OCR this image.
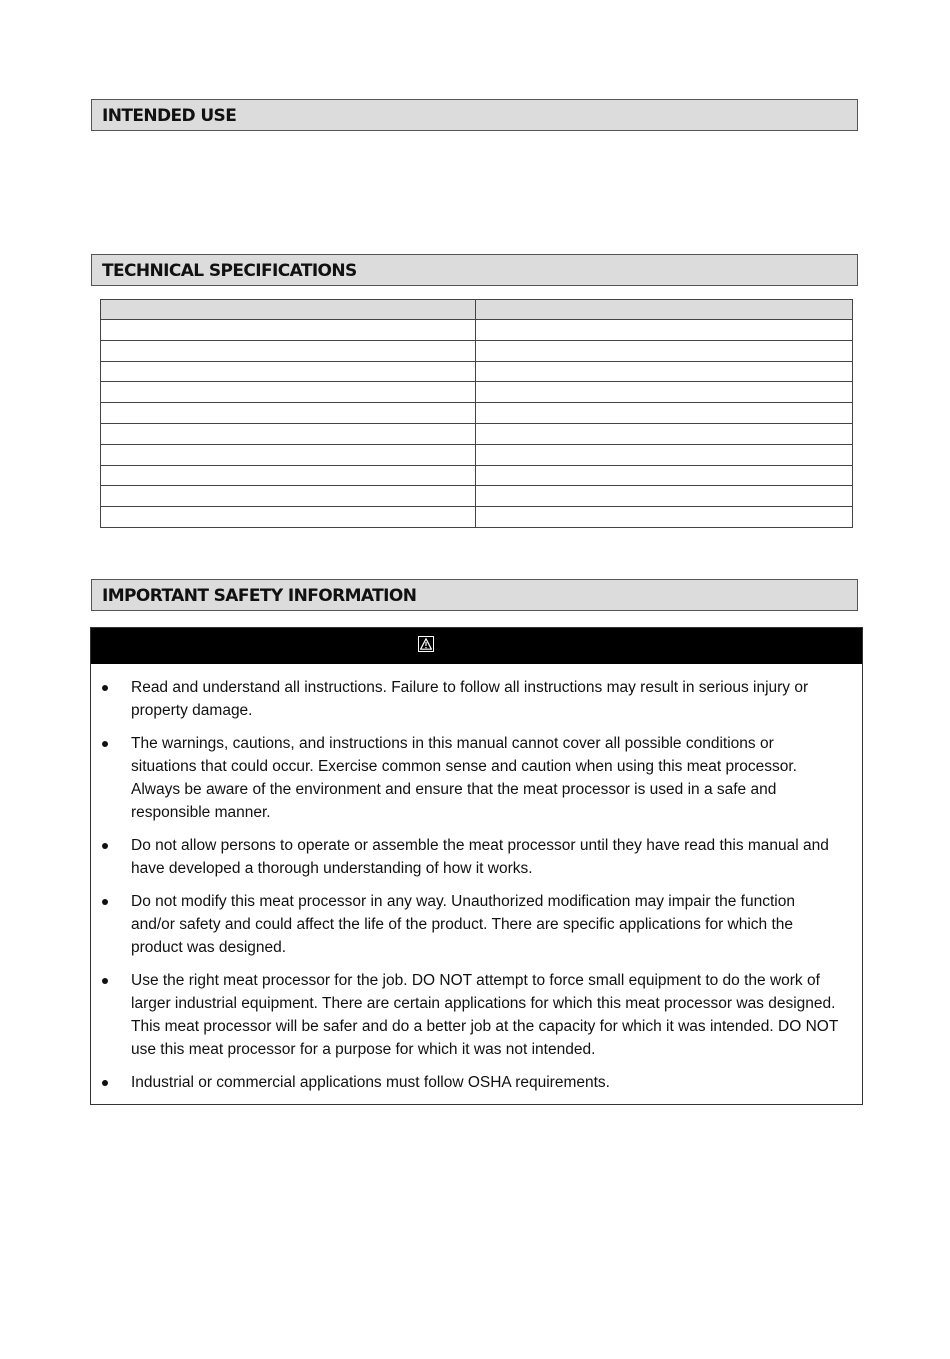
INTENDED USE
TECHNICAL SPECIFICATIONS

IMPORTANT SAFETY INFORMATION
Read and understand all instructions. Failure to follow all instructions may result in serious injury or property damage.
The warnings, cautions, and instructions in this manual cannot cover all possible conditions or situations that could occur. Exercise common sense and caution when using this meat processor. Always be aware of the environment and ensure that the meat processor is used in a safe and responsible manner.
Do not allow persons to operate or assemble the meat processor until they have read this manual and have developed a thorough understanding of how it works.
Do not modify this meat processor in any way. Unauthorized modification may impair the function and/or safety and could affect the life of the product. There are specific applications for which the product was designed.
Use the right meat processor for the job. DO NOT attempt to force small equipment to do the work of larger industrial equipment. There are certain applications for which this meat processor was designed. This meat processor will be safer and do a better job at the capacity for which it was intended. DO NOT use this meat processor for a purpose for which it was not intended.
Industrial or commercial applications must follow OSHA requirements.
